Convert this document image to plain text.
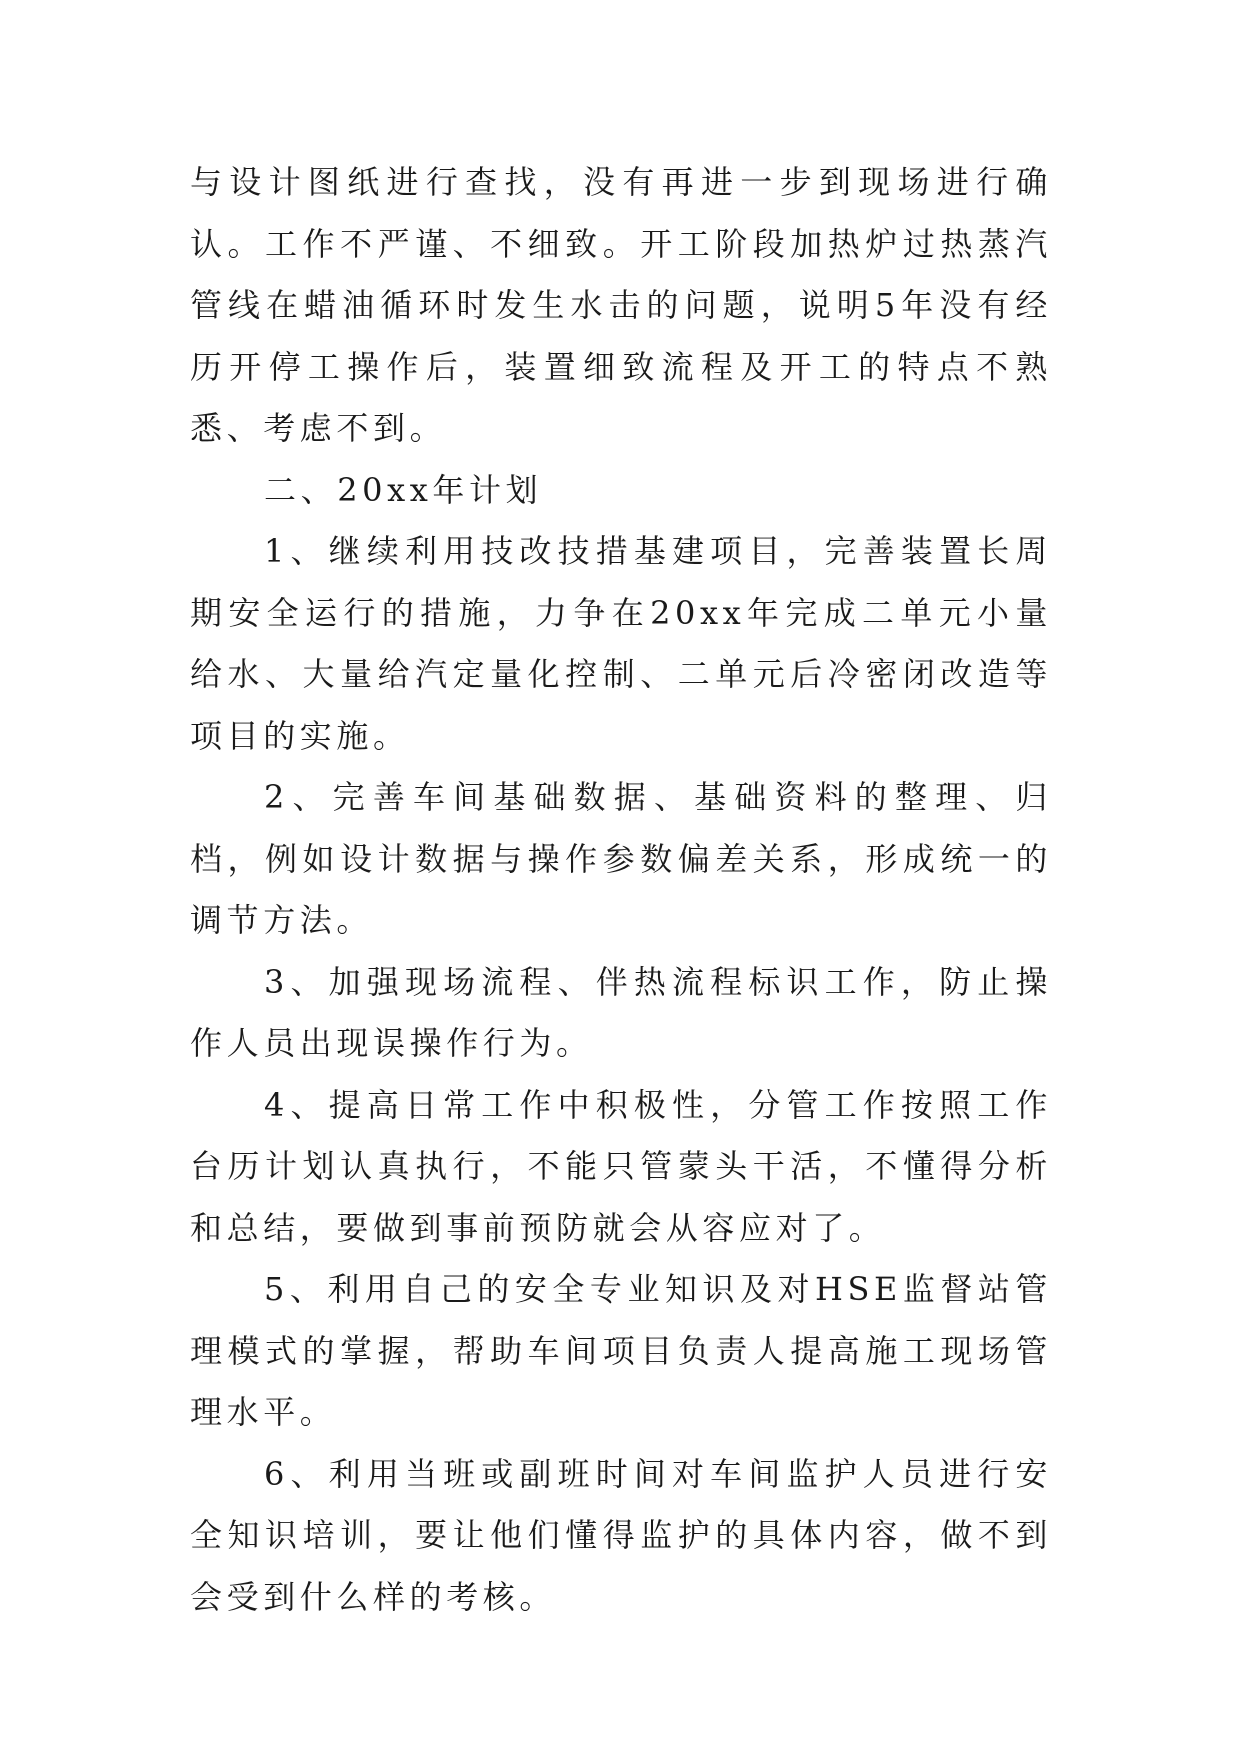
与设计图纸进行查找，没有再进一步到现场进行确认。工作不严谨、不细致。开工阶段加热炉过热蒸汽管线在蜡油循环时发生水击的问题，说明5年没有经历开停工操作后，装置细致流程及开工的特点不熟悉、考虑不到。

二、20xx年计划

1、继续利用技改技措基建项目，完善装置长周期安全运行的措施，力争在20xx年完成二单元小量给水、大量给汽定量化控制、二单元后冷密闭改造等项目的实施。

2、完善车间基础数据、基础资料的整理、归档，例如设计数据与操作参数偏差关系，形成统一的调节方法。

3、加强现场流程、伴热流程标识工作，防止操作人员出现误操作行为。

4、提高日常工作中积极性，分管工作按照工作台历计划认真执行，不能只管蒙头干活，不懂得分析和总结，要做到事前预防就会从容应对了。

5、利用自己的安全专业知识及对HSE监督站管理模式的掌握，帮助车间项目负责人提高施工现场管理水平。

6、利用当班或副班时间对车间监护人员进行安全知识培训，要让他们懂得监护的具体内容，做不到会受到什么样的考核。
